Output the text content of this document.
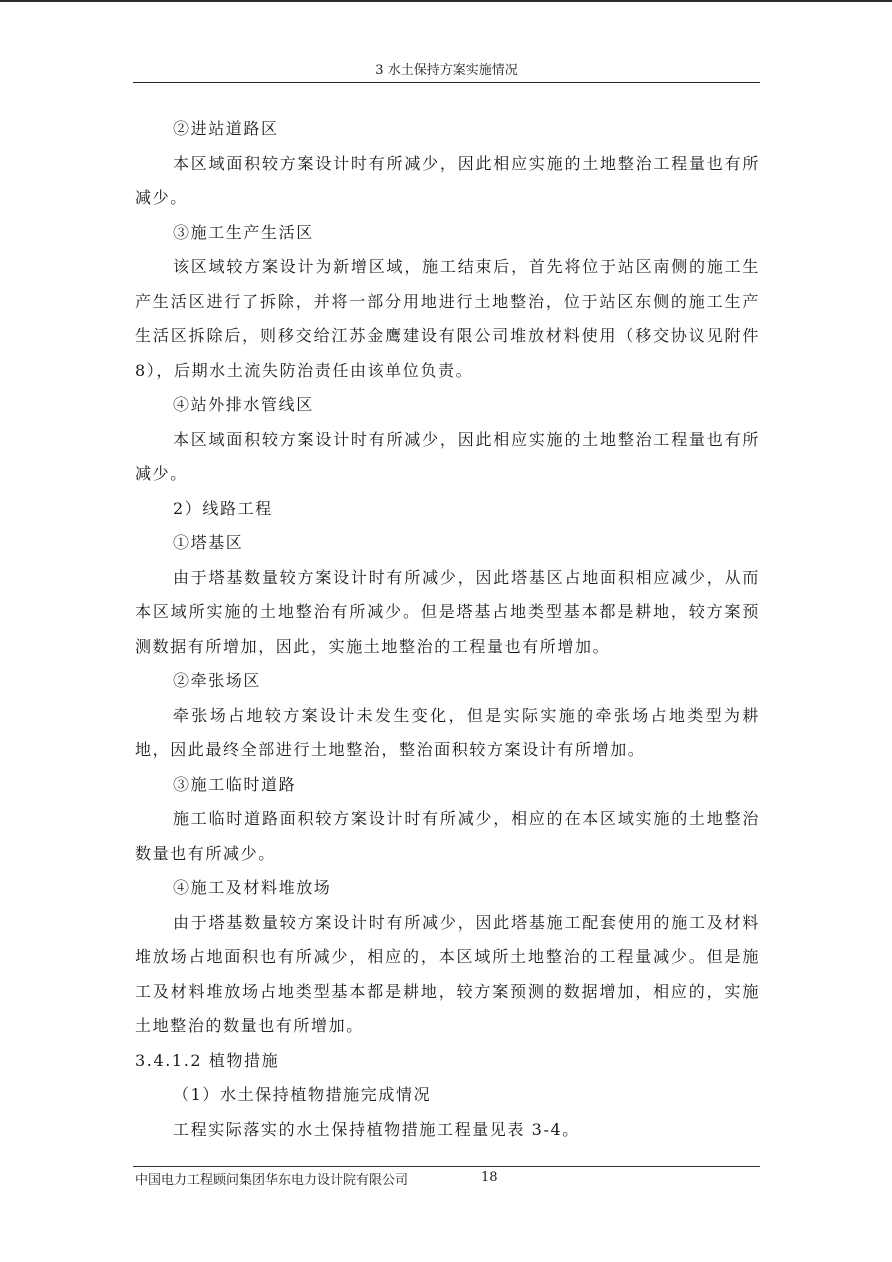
3 水土保持方案实施情况

②进站道路区

本区域面积较方案设计时有所减少，因此相应实施的土地整治工程量也有所减少。

③施工生产生活区

该区域较方案设计为新增区域，施工结束后，首先将位于站区南侧的施工生产生活区进行了拆除，并将一部分用地进行土地整治，位于站区东侧的施工生产生活区拆除后，则移交给江苏金鹰建设有限公司堆放材料使用（移交协议见附件8），后期水土流失防治责任由该单位负责。

④站外排水管线区

本区域面积较方案设计时有所减少，因此相应实施的土地整治工程量也有所减少。

2）线路工程

①塔基区

由于塔基数量较方案设计时有所减少，因此塔基区占地面积相应减少，从而本区域所实施的土地整治有所减少。但是塔基占地类型基本都是耕地，较方案预测数据有所增加，因此，实施土地整治的工程量也有所增加。

②牵张场区

牵张场占地较方案设计未发生变化，但是实际实施的牵张场占地类型为耕地，因此最终全部进行土地整治，整治面积较方案设计有所增加。

③施工临时道路

施工临时道路面积较方案设计时有所减少，相应的在本区域实施的土地整治数量也有所减少。

④施工及材料堆放场

由于塔基数量较方案设计时有所减少，因此塔基施工配套使用的施工及材料堆放场占地面积也有所减少，相应的，本区域所土地整治的工程量减少。但是施工及材料堆放场占地类型基本都是耕地，较方案预测的数据增加，相应的，实施土地整治的数量也有所增加。

3.4.1.2 植物措施

（1）水土保持植物措施完成情况

工程实际落实的水土保持植物措施工程量见表 3-4。

中国电力工程顾问集团华东电力设计院有限公司	18
